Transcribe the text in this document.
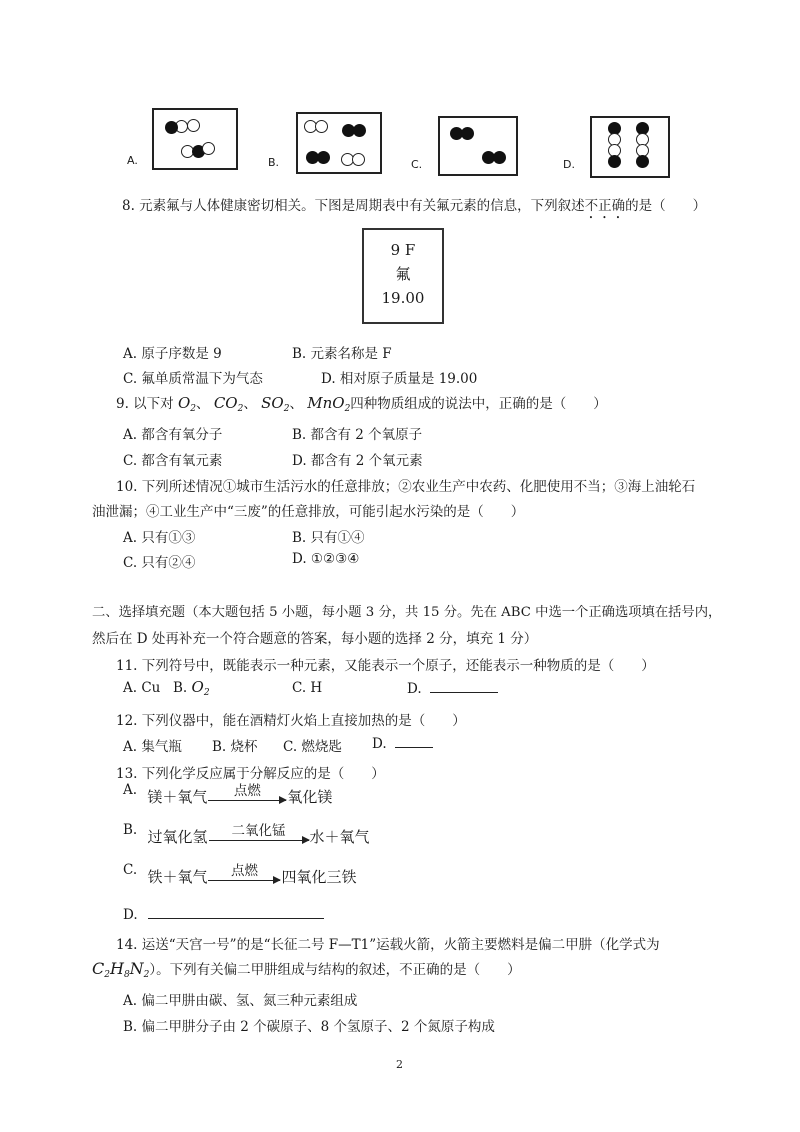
A.	B.	C.	D.
8. 元素氟与人体健康密切相关。下图是周期表中有关氟元素的信息，下列叙述不正确的是（　　）
9 F
氟
19.00
A. 原子序数是 9	B. 元素名称是 F
C. 氟单质常温下为气态	D. 相对原子质量是 19.00
9. 以下对 $O_2$、 $CO_2$、 $SO_2$、 MnO$_2$四种物质组成的说法中，正确的是（　　）
A. 都含有氧分子	B. 都含有 2 个氧原子
C. 都含有氧元素	D. 都含有 2 个氧元素
10. 下列所述情况①城市生活污水的任意排放；②农业生产中农药、化肥使用不当；③海上油轮石
油泄漏；④工业生产中“三废”的任意排放，可能引起水污染的是（　　）
A. 只有①③	B. 只有①④
C. 只有②④	D. ①②③④
二、选择填充题（本大题包括 5 小题，每小题 3 分，共 15 分。先在 ABC 中选一个正确选项填在括号内，
然后在 D 处再补充一个符合题意的答案，每小题的选择 2 分，填充 1 分）
11. 下列符号中，既能表示一种元素，又能表示一个原子，还能表示一种物质的是（　　）
A. Cu B. $O_2$	C. H	D.
12. 下列仪器中，能在酒精灯火焰上直接加热的是（　　）
A. 集气瓶 B. 烧杯 C. 燃烧匙 D.
13. 下列化学反应属于分解反应的是（　　）
A. 镁＋氧气	点燃	氧化镁
B. 过氧化氢	二氧化锰	水＋氧气
C. 铁＋氧气	点燃	四氧化三铁
D.
14. 运送“天宫一号”的是“长征二号 F—T1”运载火箭，火箭主要燃料是偏二甲肼（化学式为
$C_2H_8N_2$）。下列有关偏二甲肼组成与结构的叙述，不正确的是（　　）
A. 偏二甲肼由碳、氢、氮三种元素组成
B. 偏二甲肼分子由 2 个碳原子、8 个氢原子、2 个氮原子构成
2
